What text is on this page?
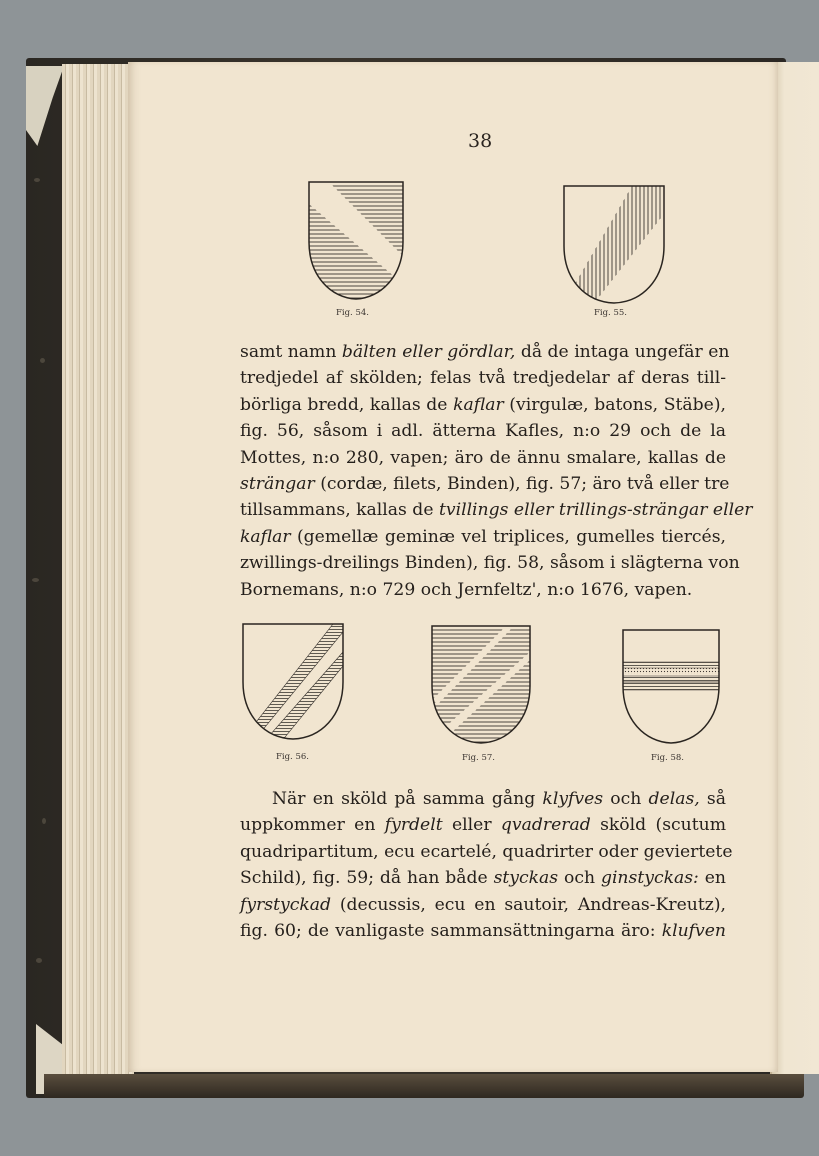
38
Fig. 54.	Fig. 55.

samt namn bälten eller gördlar, då de intaga ungefär en
tredjedel af skölden; felas två tredjedelar af deras till-
börliga bredd, kallas de kaflar (virgulæ, batons, Stäbe),
fig. 56, såsom i adl. ätterna Kafles, n:o 29 och de la
Mottes, n:o 280, vapen; äro de ännu smalare, kallas de
strängar (cordæ, filets, Binden), fig. 57; äro två eller tre
tillsammans, kallas de tvillings eller trillings-strängar eller
kaflar (gemellæ geminæ vel triplices, gumelles tiercés,
zwillings-dreilings Binden), fig. 58, såsom i slägterna von
Bornemans, n:o 729 och Jernfeltz', n:o 1676, vapen.

Fig. 56.	Fig. 57.	Fig. 58.

När en sköld på samma gång klyfves och delas, så
uppkommer en fyrdelt eller qvadrerad sköld (scutum
quadripartitum, ecu ecartelé, quadrirter oder geviertete
Schild), fig. 59; då han både styckas och ginstyckas: en
fyrstyckad (decussis, ecu en sautoir, Andreas-Kreutz),
fig. 60; de vanligaste sammansättningarna äro: klufven
